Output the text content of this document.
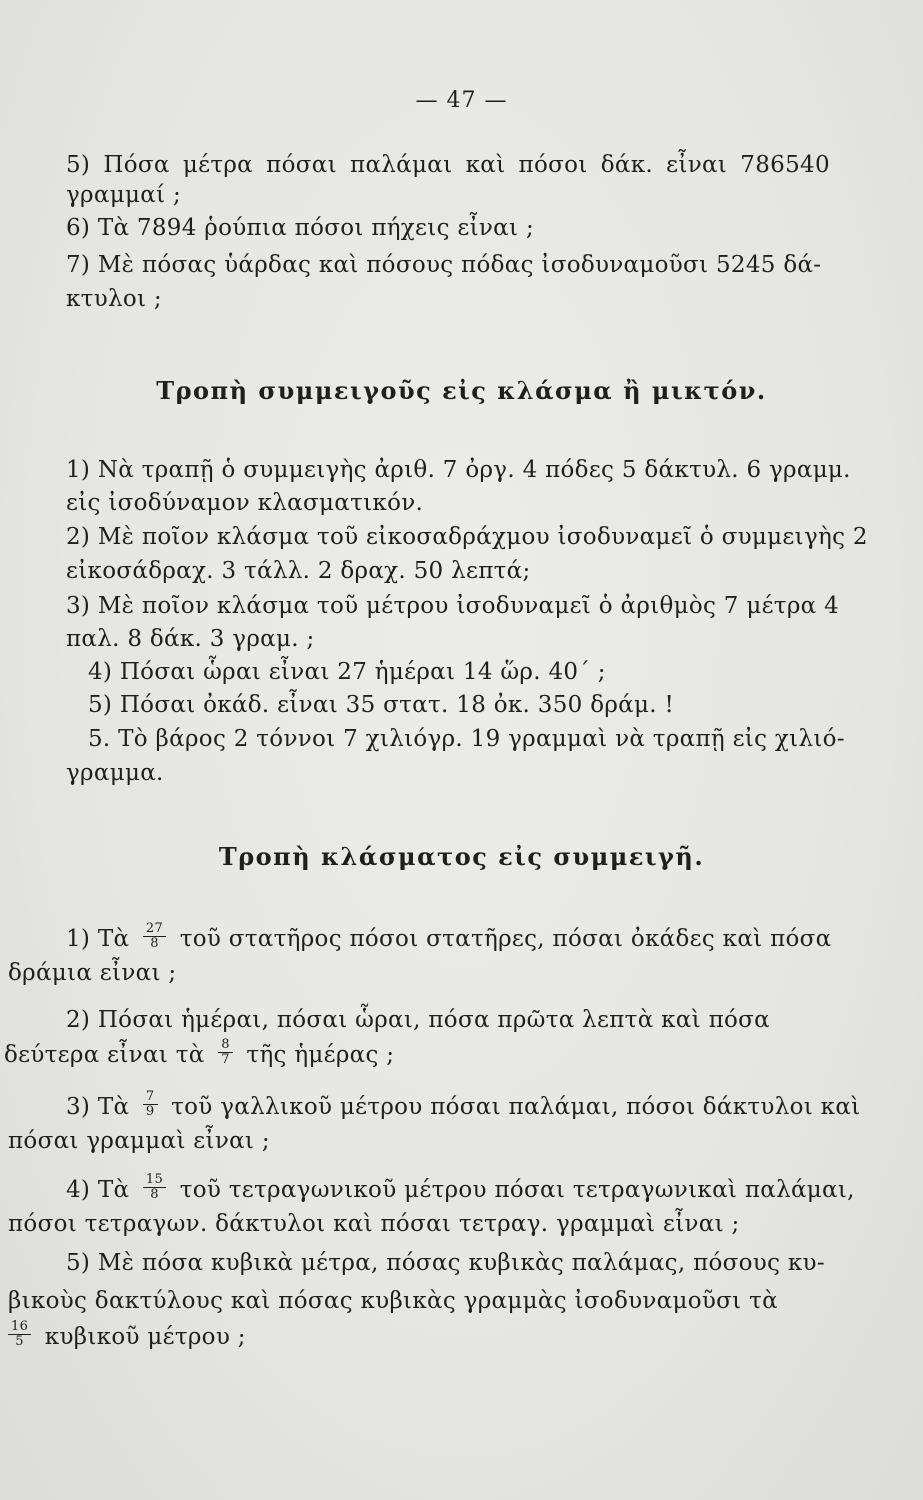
— 47 —
5) Πόσα μέτρα πόσαι παλάμαι καὶ πόσοι δάκ. εἶναι 786540
γραμμαί ;
6) Τὰ 7894 ῥούπια πόσοι πήχεις εἶναι ;
7) Μὲ πόσας ὑάρδας καὶ πόσους πόδας ἰσοδυναμοῦσι 5245 δά-
κτυλοι ;
Τροπὴ συμμειγοῦς εἰς κλάσμα ἢ μικτόν.
1) Νὰ τραπῇ ὁ συμμειγὴς ἀριθ. 7 ὀργ. 4 πόδες 5 δάκτυλ. 6 γραμμ.
εἰς ἰσοδύναμον κλασματικόν.
2) Μὲ ποῖον κλάσμα τοῦ εἰκοσαδράχμου ἰσοδυναμεῖ ὁ συμμειγὴς 2
εἰκοσάδραχ. 3 τάλλ. 2 δραχ. 50 λεπτά;
3) Μὲ ποῖον κλάσμα τοῦ μέτρου ἰσοδυναμεῖ ὁ ἀριθμὸς 7 μέτρα 4
παλ. 8 δάκ. 3 γραμ. ;
4) Πόσαι ὧραι εἶναι 27 ἡμέραι 14 ὥρ. 40΄ ;
5) Πόσαι ὀκάδ. εἶναι 35 στατ. 18 ὀκ. 350 δράμ. !
5. Τὸ βάρος 2 τόννοι 7 χιλιόγρ. 19 γραμμαὶ νὰ τραπῇ εἰς χιλιό-
γραμμα.
Τροπὴ κλάσματος εἰς συμμειγῆ.
1) Τὰ $\frac{27}{8}$ τοῦ στατῆρος πόσοι στατῆρες, πόσαι ὀκάδες καὶ πόσα
δράμια εἶναι ;
2) Πόσαι ἡμέραι, πόσαι ὧραι, πόσα πρῶτα λεπτὰ καὶ πόσα
δεύτερα εἶναι τὰ $\frac{8}{7}$ τῆς ἡμέρας ;
3) Τὰ $\frac{7}{9}$ τοῦ γαλλικοῦ μέτρου πόσαι παλάμαι, πόσοι δάκτυλοι καὶ
πόσαι γραμμαὶ εἶναι ;
4) Τὰ $\frac{15}{8}$ τοῦ τετραγωνικοῦ μέτρου πόσαι τετραγωνικαὶ παλάμαι,
πόσοι τετραγων. δάκτυλοι καὶ πόσαι τετραγ. γραμμαὶ εἶναι ;
5) Μὲ πόσα κυβικὰ μέτρα, πόσας κυβικὰς παλάμας, πόσους κυ-
βικοὺς δακτύλους καὶ πόσας κυβικὰς γραμμὰς ἰσοδυναμοῦσι τὰ
$\frac{16}{5}$ κυβικοῦ μέτρου ;
